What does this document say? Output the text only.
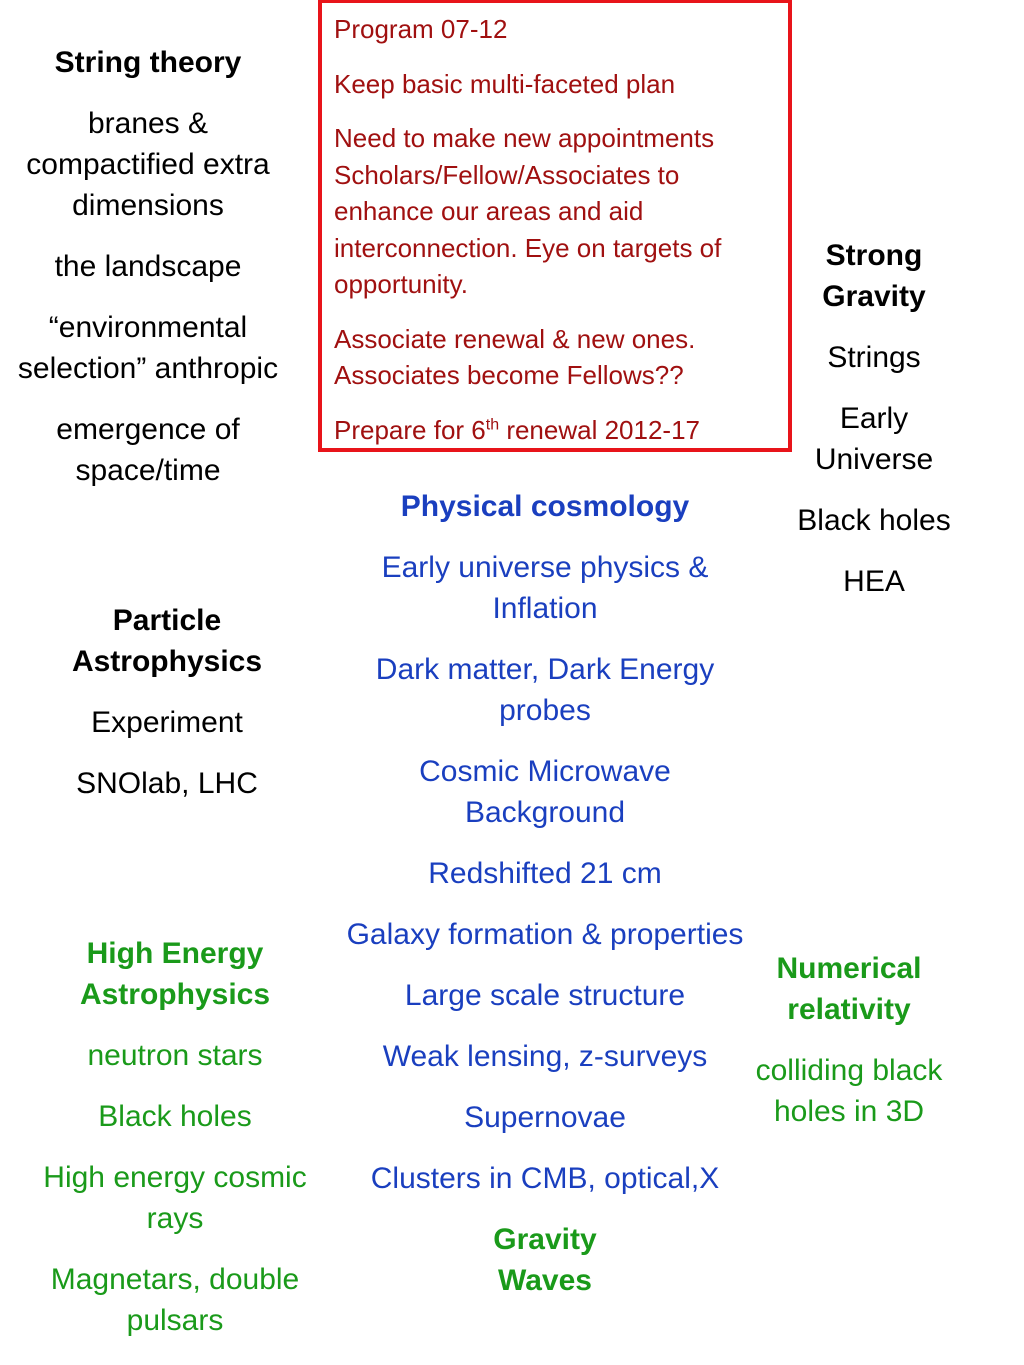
Program 07-12

Keep basic multi-faceted plan

Need to make new appointments Scholars/Fellow/Associates to enhance our areas and aid interconnection. Eye on targets of opportunity.

Associate renewal & new ones.

Associates become Fellows??

Prepare for 6th renewal 2012-17

String theory

branes & compactified extra dimensions

the landscape

“environmental selection” anthropic

emergence of space/time

Particle Astrophysics

Experiment

SNOlab, LHC

High Energy Astrophysics

neutron stars

Black holes

High energy cosmic rays

Magnetars, double pulsars

Physical cosmology

Early universe physics & Inflation

Dark matter, Dark Energy probes

Cosmic Microwave Background

Redshifted 21 cm

Galaxy formation & properties

Large scale structure

Weak lensing, z-surveys

Supernovae

Clusters in CMB, optical,X

Gravity Waves

Strong Gravity

Strings

Early Universe

Black holes

HEA

Numerical relativity

colliding black holes in 3D
